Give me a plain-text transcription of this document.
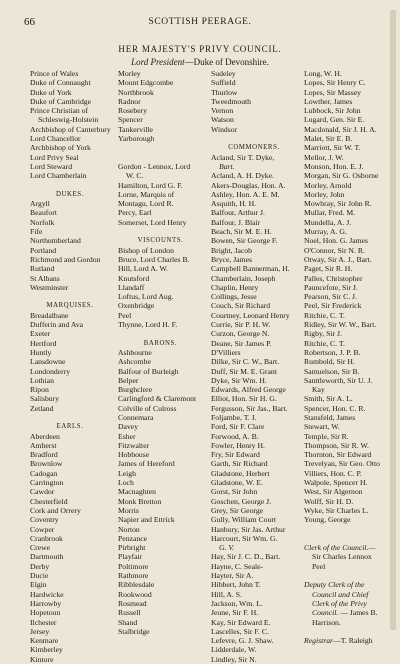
66	SCOTTISH PEERAGE.
HER MAJESTY'S PRIVY COUNCIL.
Lord President—Duke of Devonshire.
Prince of Wales
Duke of Connaught
Duke of York
Duke of Cambridge
Prince Christian of
Schleswig-Holstein
Archbishop of Canterbury
Lord Chancellor
Archbishop of York
Lord Privy Seal
Lord Steward
Lord Chamberlain
DUKES.
Argyll
Beaufort
Norfolk
Fife
Northumberland
Portland
Richmond and Gordon
Rutland
St Albans
Westminster
MARQUISES.
Breadalbane
Dufferin and Ava
Exeter
Hertford
Huntly
Lansdowne
Londonderry
Lothian
Ripon
Salisbury
Zetland
EARLS.
Aberdeen
Amherst
Bradford
Brownlow
Cadogan
Carrington
Cawdor
Chesterfield
Cork and Orrery
Coventry
Cowper
Cranbrook
Crewe
Dartmouth
Derby
Ducie
Elgin
Hardwicke
Harrowby
Hopetoun
Ilchester
Jersey
Kenmare
Kimberley
Kintore
Morley
Mount Edgcombe
Northbrook
Radnor
Rosebery
Spencer
Tankerville
Yarborough
Gordon - Lennox, Lord
W. C.
Hamilton, Lord G. F.
Lorne, Marquis of
Montagu, Lord R.
Percy, Earl
Somerset, Lord Henry
VISCOUNTS.
Bishop of London
Bruce, Lord Charles B.
Hill, Lord A. W.
Knutsford
Llandaff
Loftus, Lord Aug.
Oxenbridge
Peel
Thynne, Lord H. F.
BARONS.
Ashbourne
Ashcombe
Balfour of Burleigh
Belper
Burghclere
Carlingford & Claremont
Colville of Culross
Connemara
Davey
Esher
Fitzwalter
Hobhouse
James of Hereford
Leigh
Loch
Macnaghten
Monk Bretton
Morris
Napier and Ettrick
Norton
Penzance
Pirbright
Playfair
Poltimore
Rathmore
Ribblesdale
Rookwood
Rosmead
Russell
Shand
Stalbridge
Sudeley
Suffield
Thurlow
Tweedmouth
Vernon
Watson
Windsor
COMMONERS.
Acland, Sir T. Dyke,
Bart.
Acland, A. H. Dyke.
Akers-Douglas, Hon. A.
Ashley, Hon. A. E. M.
Asquith, H. H.
Balfour, Arthur J.
Balfour, J. Blair
Beach, Sir M. E. H.
Bowen, Sir George F.
Bright, Jacob
Bryce, James
Campbell Bannerman, H.
Chamberlain, Joseph
Chaplin, Henry
Collings, Jesse
Couch, Sir Richard
Courtney, Leonard Henry
Currie, Sir P. H. W.
Curzon, George N.
Deane, Sir James P.
D'Villiers
Dilke, Sir C. W., Bart.
Duff, Sir M. E. Grant
Dyke, Sir Wm. H.
Edwards, Alfred George
Elliot, Hon. Sir H. G.
Fergusson, Sir Jas., Bart.
Foljambe, T. J.
Ford, Sir F. Clare
Forwood, A. B.
Fowler, Henry H.
Fry, Sir Edward
Garth, Sir Richard
Gladstone, Herbert
Gladstone, W. E.
Gorst, Sir John
Goschen, George J.
Grey, Sir George
Gully, William Court
Hanbury, Sir Jas. Arthur
Harcourt, Sir Wm. G.
G. V.
Hay, Sir J. C. D., Bart.
Hayne, C. Seale-
Hayter, Sir A.
Hibbert, John T.
Hill, A. S.
Jackson, Wm. L.
Jeune, Sir F. H.
Kay, Sir Edward E.
Lascelles, Sir F. C.
Lefevre, G. J. Shaw.
Lidderdale, W.
Lindley, Sir N.
Long, W. H.
Lopes, Sir Henry C.
Lopes, Sir Massey
Lowther, James
Lubbock, Sir John
Lugard, Gen. Sir E.
Macdonald, Sir J. H. A.
Malet, Sir E. B.
Marriott, Sir W. T.
Mellor, J. W.
Monson, Hon. E. J.
Morgan, Sir G. Osborne
Morley, Arnold
Morley, John
Mowbray, Sir John R.
Mullar, Fred. M.
Mundella, A. J.
Murray, A. G.
Noel, Hon. G. James
O'Connor, Sir N. R.
Otway, Sir A. J., Bart.
Paget, Sir R. H.
Palles, Christopher
Pauncefote, Sir J.
Pearson, Sir C. J.
Peel, Sir Frederick
Ritchie, C. T.
Ridley, Sir W. W., Bart.
Rigby, Sir J.
Ritchie, C. T.
Robertson, J. P. B.
Rumbold, Sir H.
Samuelson, Sir B.
Santtleworth, Sir U. J.
Kay
Smith, Sir A. L.
Spencer, Hon. C. R.
Stansfeld, James
Stewart, W.
Temple, Sir R.
Thompson, Sir R. W.
Thornton, Sir Edward
Trevelyan, Sir Geo. Otto
Villiers, Hon. C. P.
Walpole, Spencer H.
West, Sir Algernon
Wolff, Sir H. D.
Wyke, Sir Charles L.
Young, George
Clerk of the Council.—
Sir Charles Lennox
Peel
Deputy Clerk of the
Council and Chief
Clerk of the Privy
Council. — James B.
Harrison.
Registrar—T. Raleigh
